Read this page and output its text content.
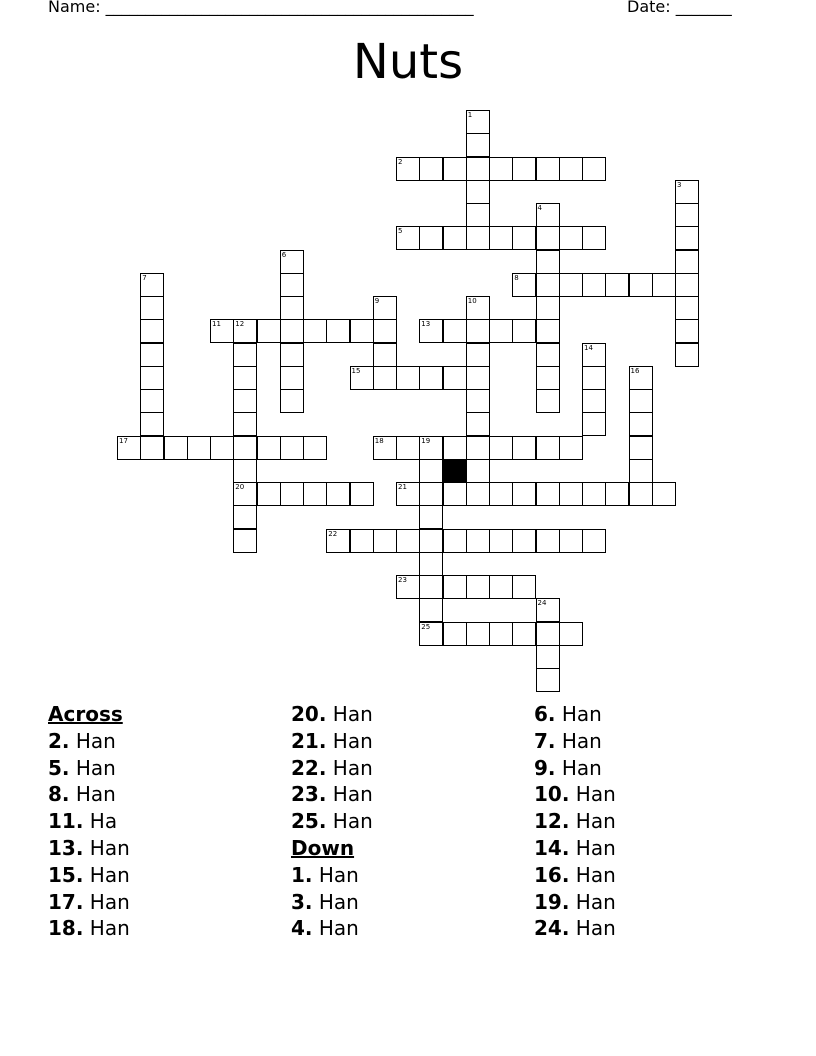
Name: ______________________________________________	Date: _______
Nuts
1
2
3
4
5
6
7	8
9	10
11 12
20
13
14
15	16
17	18	19
21
22
23
24
25
Across
2. Han
5. Han
8. Han
11. Ha
13. Han
15. Han
17. Han
18. Han
20. Han
21. Han
22. Han
23. Han
25. Han
Down
1. Han
3. Han
4. Han
6. Han
7. Han
9. Han
10. Han
12. Han
14. Han
16. Han
19. Han
24. Han
